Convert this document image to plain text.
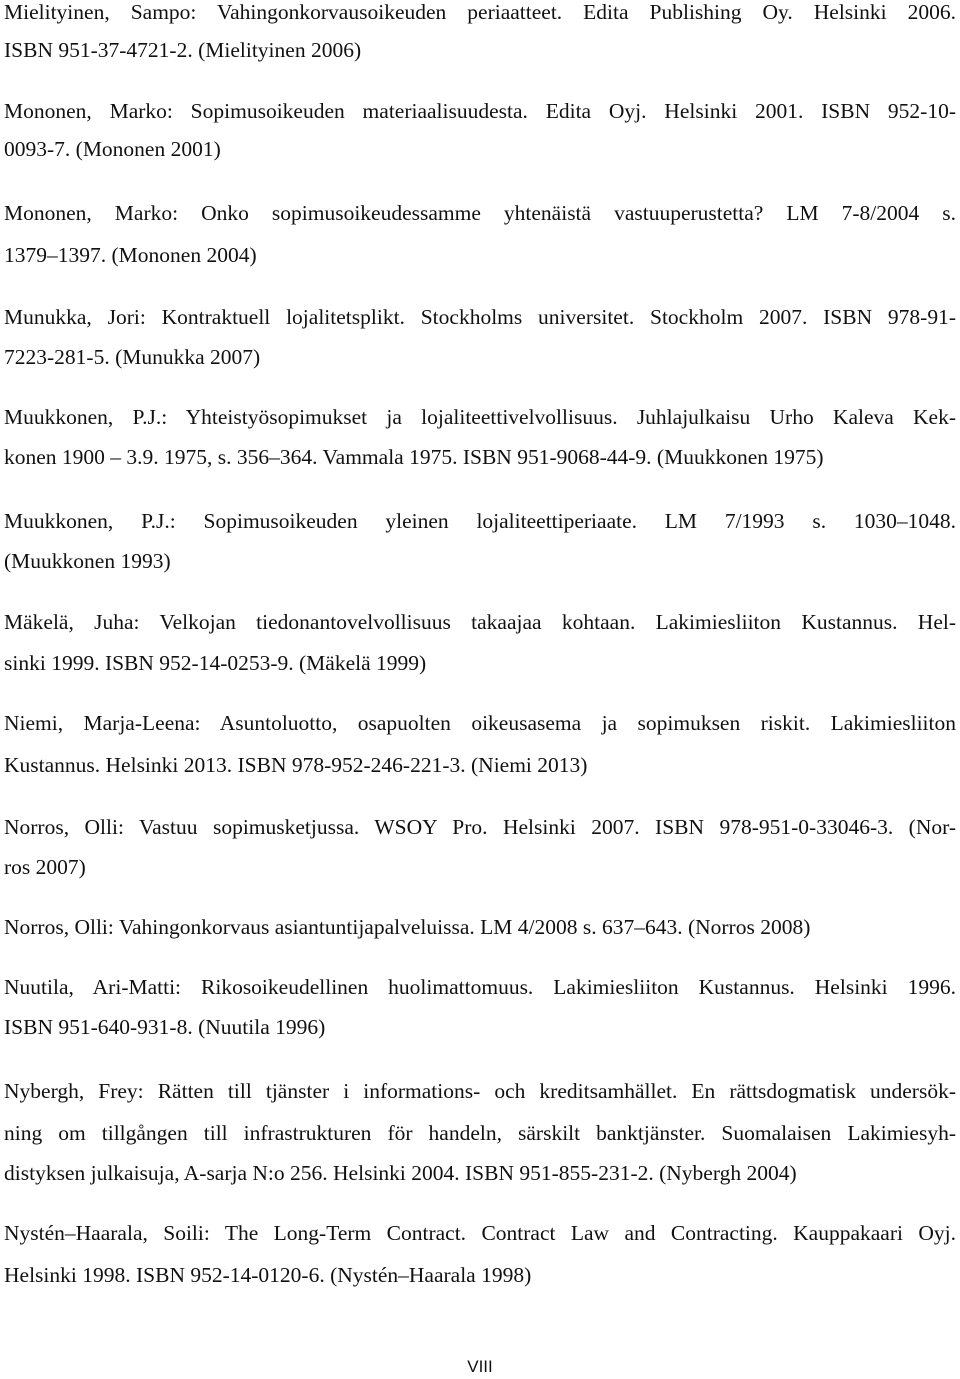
Mielityinen, Sampo: Vahingonkorvausoikeuden periaatteet. Edita Publishing Oy. Helsinki 2006.
ISBN 951-37-4721-2. (Mielityinen 2006)
Mononen, Marko: Sopimusoikeuden materiaalisuudesta. Edita Oyj. Helsinki 2001. ISBN 952-10-
0093-7. (Mononen 2001)
Mononen, Marko: Onko sopimusoikeudessamme yhtenäistä vastuuperustetta? LM 7-8/2004 s.
1379–1397. (Mononen 2004)
Munukka, Jori: Kontraktuell lojalitetsplikt. Stockholms universitet. Stockholm 2007. ISBN 978-91-
7223-281-5. (Munukka 2007)
Muukkonen, P.J.: Yhteistyösopimukset ja lojaliteettivelvollisuus. Juhlajulkaisu Urho Kaleva Kek-
konen 1900 – 3.9. 1975, s. 356–364. Vammala 1975. ISBN 951-9068-44-9. (Muukkonen 1975)
Muukkonen, P.J.: Sopimusoikeuden yleinen lojaliteettiperiaate. LM 7/1993 s. 1030–1048.
(Muukkonen 1993)
Mäkelä, Juha: Velkojan tiedonantovelvollisuus takaajaa kohtaan. Lakimiesliiton Kustannus. Hel-
sinki 1999. ISBN 952-14-0253-9. (Mäkelä 1999)
Niemi, Marja-Leena: Asuntoluotto, osapuolten oikeusasema ja sopimuksen riskit. Lakimiesliiton
Kustannus. Helsinki 2013. ISBN 978-952-246-221-3. (Niemi 2013)
Norros, Olli: Vastuu sopimusketjussa. WSOY Pro. Helsinki 2007. ISBN 978-951-0-33046-3. (Nor-
ros 2007)
Norros, Olli: Vahingonkorvaus asiantuntijapalveluissa. LM 4/2008 s. 637–643. (Norros 2008)
Nuutila, Ari-Matti: Rikosoikeudellinen huolimattomuus. Lakimiesliiton Kustannus. Helsinki 1996.
ISBN 951-640-931-8. (Nuutila 1996)
Nybergh, Frey: Rätten till tjänster i informations- och kreditsamhället. En rättsdogmatisk undersök-
ning om tillgången till infrastrukturen för handeln, särskilt banktjänster. Suomalaisen Lakimiesyh-
distyksen julkaisuja, A-sarja N:o 256. Helsinki 2004. ISBN 951-855-231-2. (Nybergh 2004)
Nystén–Haarala, Soili: The Long-Term Contract. Contract Law and Contracting. Kauppakaari Oyj.
Helsinki 1998. ISBN 952-14-0120-6. (Nystén–Haarala 1998)
VIII
